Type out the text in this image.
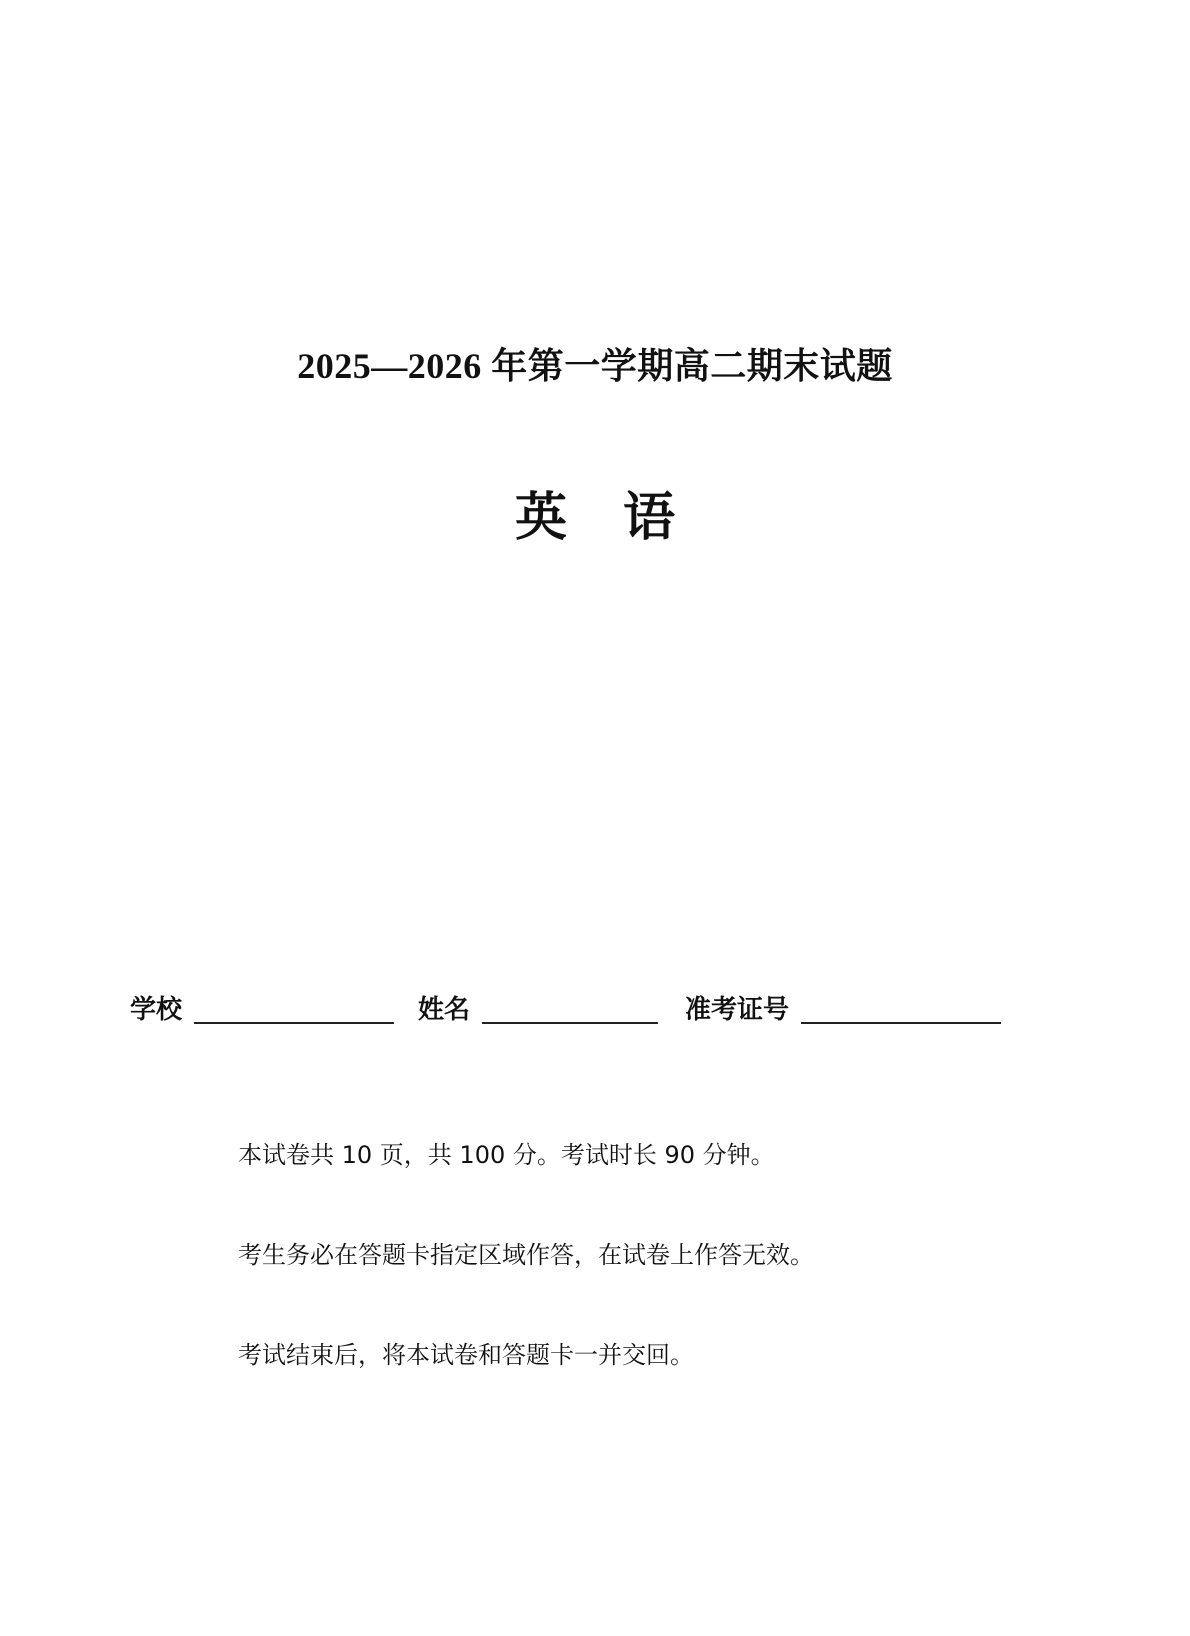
2025—2026 年第一学期高二期末试题
英 语
学校	姓名	准考证号
本试卷共 10 页，共 100 分。考试时长 90 分钟。
考生务必在答题卡指定区域作答，在试卷上作答无效。
考试结束后，将本试卷和答题卡一并交回。
